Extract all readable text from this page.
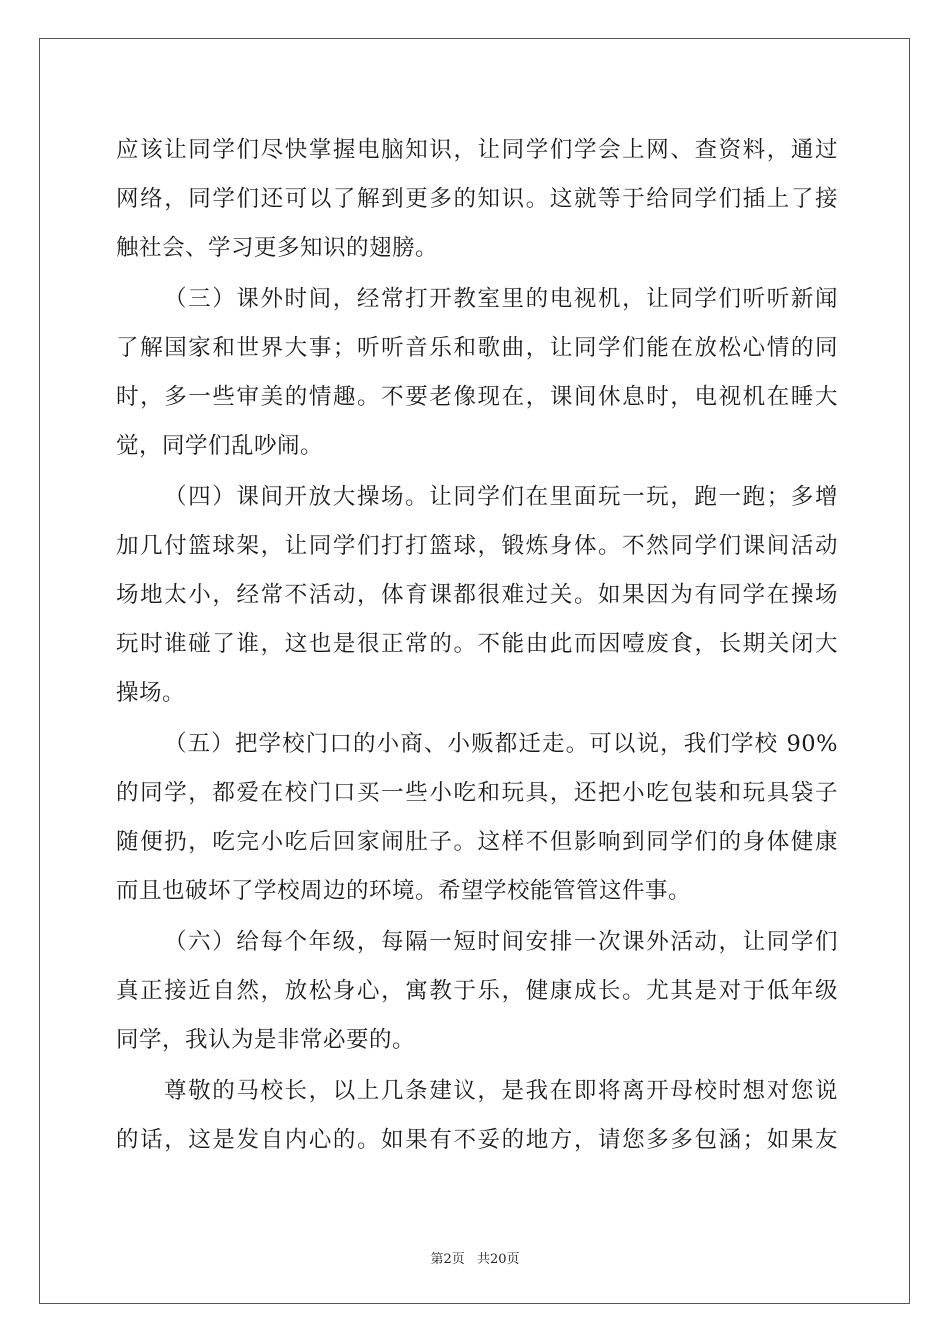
应该让同学们尽快掌握电脑知识，让同学们学会上网、查资料，通过
网络，同学们还可以了解到更多的知识。这就等于给同学们插上了接
触社会、学习更多知识的翅膀。
（三）课外时间，经常打开教室里的电视机，让同学们听听新闻
了解国家和世界大事；听听音乐和歌曲，让同学们能在放松心情的同
时，多一些审美的情趣。不要老像现在，课间休息时，电视机在睡大
觉，同学们乱吵闹。
（四）课间开放大操场。让同学们在里面玩一玩，跑一跑；多增
加几付篮球架，让同学们打打篮球，锻炼身体。不然同学们课间活动
场地太小，经常不活动，体育课都很难过关。如果因为有同学在操场
玩时谁碰了谁，这也是很正常的。不能由此而因噎废食，长期关闭大
操场。
（五）把学校门口的小商、小贩都迁走。可以说，我们学校 90%
的同学，都爱在校门口买一些小吃和玩具，还把小吃包装和玩具袋子
随便扔，吃完小吃后回家闹肚子。这样不但影响到同学们的身体健康
而且也破坏了学校周边的环境。希望学校能管管这件事。
（六）给每个年级，每隔一短时间安排一次课外活动，让同学们
真正接近自然，放松身心，寓教于乐，健康成长。尤其是对于低年级
同学，我认为是非常必要的。
尊敬的马校长，以上几条建议，是我在即将离开母校时想对您说
的话，这是发自内心的。如果有不妥的地方，请您多多包涵；如果友
第2页 共20页
